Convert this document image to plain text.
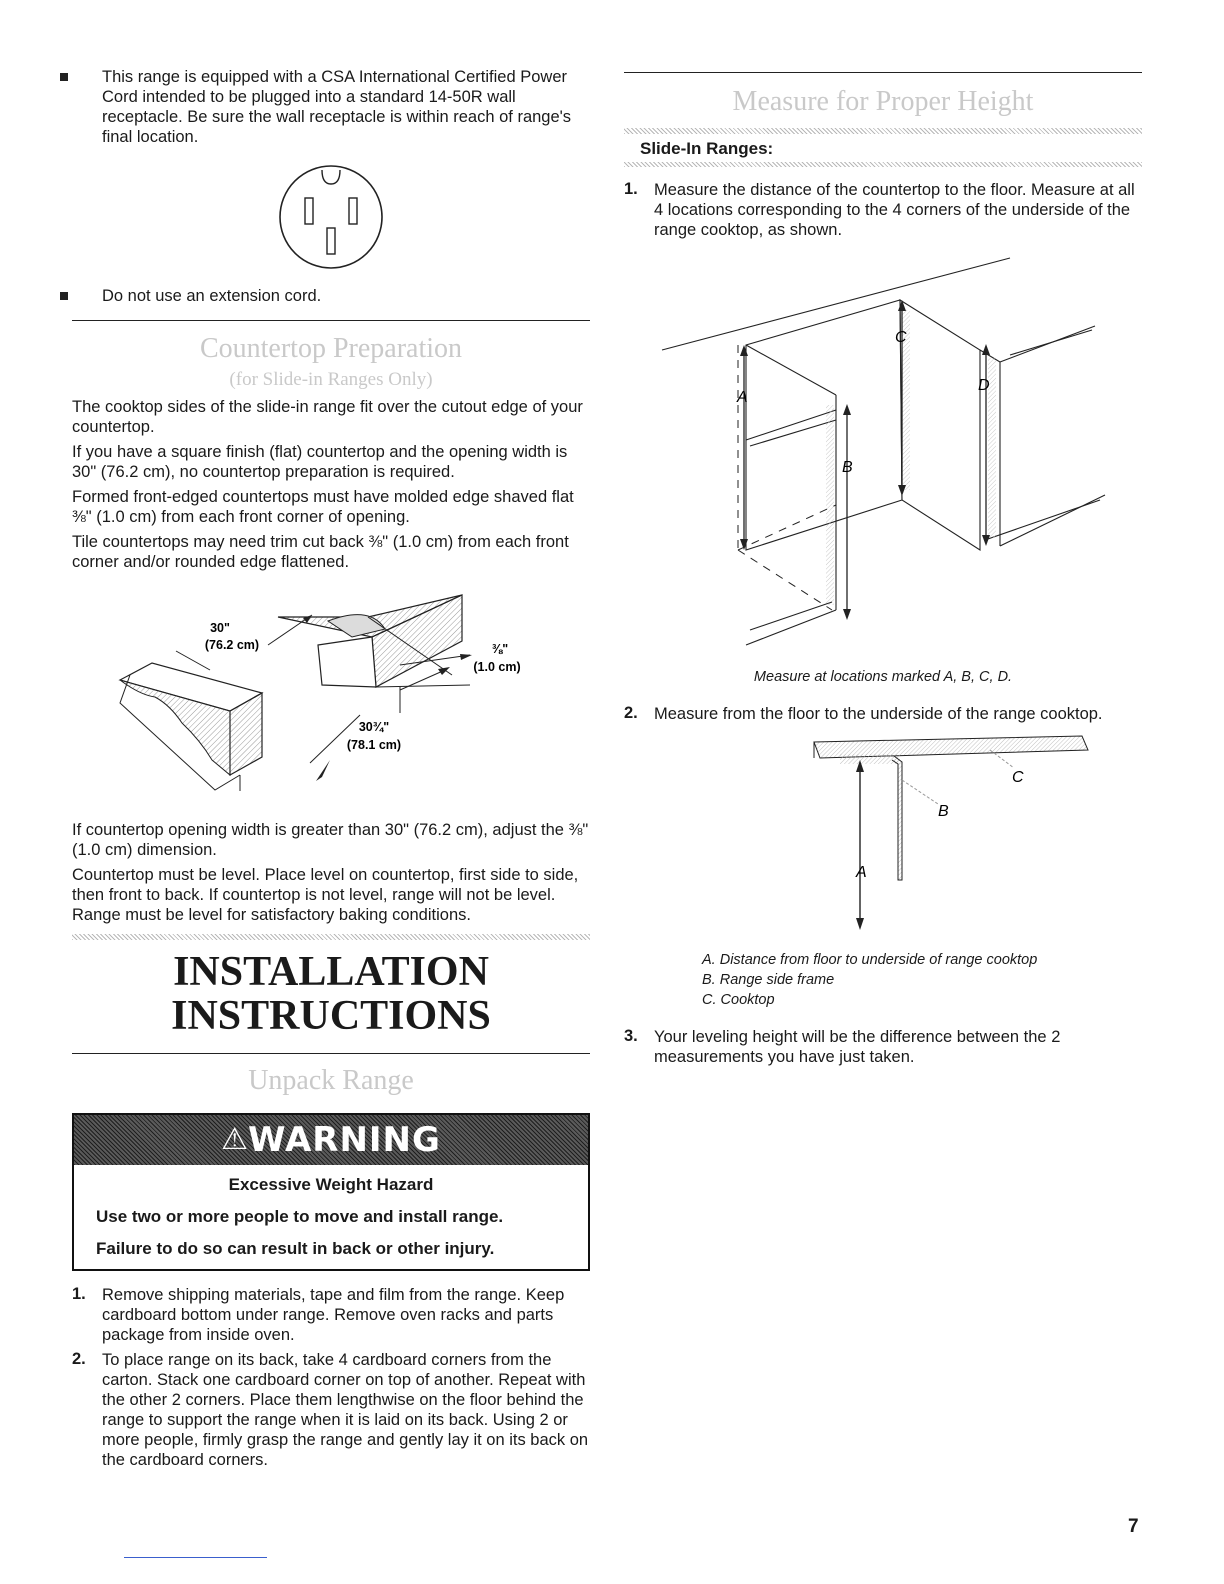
This range is equipped with a CSA International Certified Power Cord intended to be plugged into a standard 14-50R wall receptacle. Be sure the wall receptacle is within reach of range's final location.

Do not use an extension cord.

Countertop Preparation
(for Slide-in Ranges Only)

The cooktop sides of the slide-in range fit over the cutout edge of your countertop.

If you have a square finish (flat) countertop and the opening width is 30" (76.2 cm), no countertop preparation is required.

Formed front-edged countertops must have molded edge shaved flat ⅜" (1.0 cm) from each front corner of opening.

Tile countertops may need trim cut back ⅜" (1.0 cm) from each front corner and/or rounded edge flattened.

30"
(76.2 cm)	⅜"
(1.0 cm)
30¾"
(78.1 cm)

If countertop opening width is greater than 30" (76.2 cm), adjust the ⅜" (1.0 cm) dimension.

Countertop must be level. Place level on countertop, first side to side, then front to back. If countertop is not level, range will not be level. Range must be level for satisfactory baking conditions.

INSTALLATION
INSTRUCTIONS
Unpack Range
⚠WARNING
Excessive Weight Hazard
Use two or more people to move and install range.
Failure to do so can result in back or other injury.
1. Remove shipping materials, tape and film from the range. Keep cardboard bottom under range. Remove oven racks and parts package from inside oven.

2. To place range on its back, take 4 cardboard corners from the carton. Stack one cardboard corner on top of another. Repeat with the other 2 corners. Place them lengthwise on the floor behind the range to support the range when it is laid on its back. Using 2 or more people, firmly grasp the range and gently lay it on its back on the cardboard corners.

Measure for Proper Height
Slide-In Ranges:
1. Measure the distance of the countertop to the floor. Measure at all 4 locations corresponding to the 4 corners of the underside of the range cooktop, as shown.

A
B
C
D

Measure at locations marked A, B, C, D.

2. Measure from the floor to the underside of the range cooktop.

A
B
C

A. Distance from floor to underside of range cooktop

B. Range side frame

C. Cooktop

3. Your leveling height will be the difference between the 2 measurements you have just taken.

7
